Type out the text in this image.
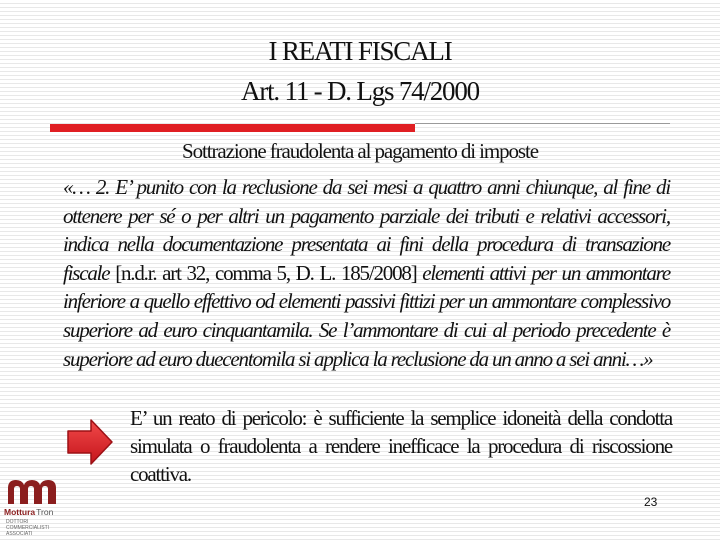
I REATI FISCALI
Art. 11 - D. Lgs 74/2000
Sottrazione fraudolenta al pagamento di imposte
«… 2. E’ punito con la reclusione da sei mesi a quattro anni chiunque, al fine di ottenere per sé o per altri un pagamento parziale dei tributi e relativi accessori, indica nella documentazione presentata ai fini della procedura di transazione fiscale [n.d.r. art 32, comma 5, D. L. 185/2008] elementi attivi per un ammontare inferiore a quello effettivo od elementi passivi fittizi per un ammontare complessivo superiore ad euro cinquantamila. Se l’ammontare di cui al periodo precedente è superiore ad euro duecentomila si applica la reclusione da un anno a sei anni…»
E’ un reato di pericolo: è sufficiente la semplice idoneità della condotta simulata o fraudolenta a rendere inefficace la procedura di riscossione coattiva.
MotturaTron
DOTTORI
COMMERCIALISTI
ASSOCIATI
23
